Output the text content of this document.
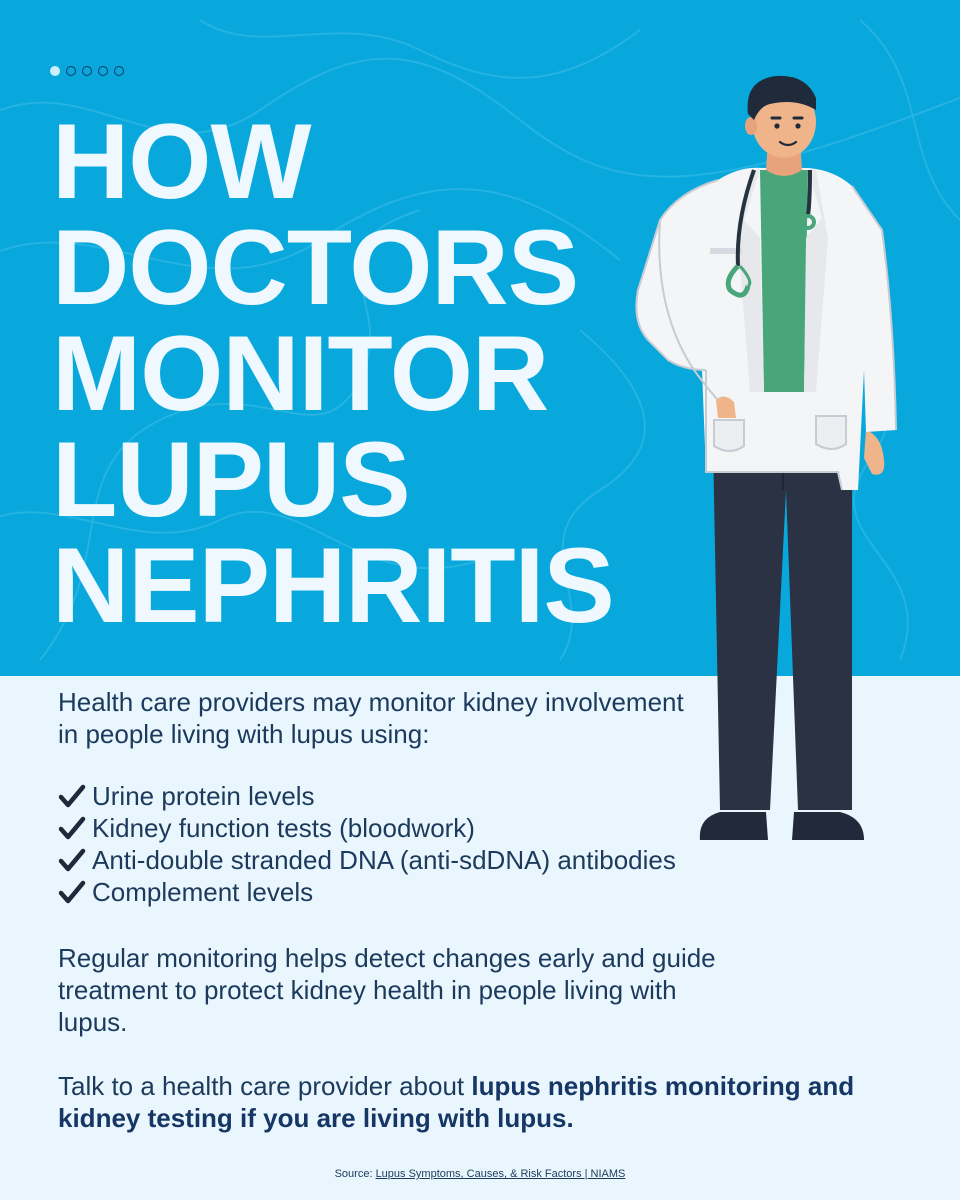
HOW
DOCTORS
MONITOR
LUPUS
NEPHRITIS

Health care providers may monitor kidney involvement in people living with lupus using:

Urine protein levels
Kidney function tests (bloodwork)
Anti-double stranded DNA (anti-sdDNA) antibodies
Complement levels

Regular monitoring helps detect changes early and guide treatment to protect kidney health in people living with lupus.

Talk to a health care provider about lupus nephritis monitoring and kidney testing if you are living with lupus.

Source: Lupus Symptoms, Causes, & Risk Factors | NIAMS
